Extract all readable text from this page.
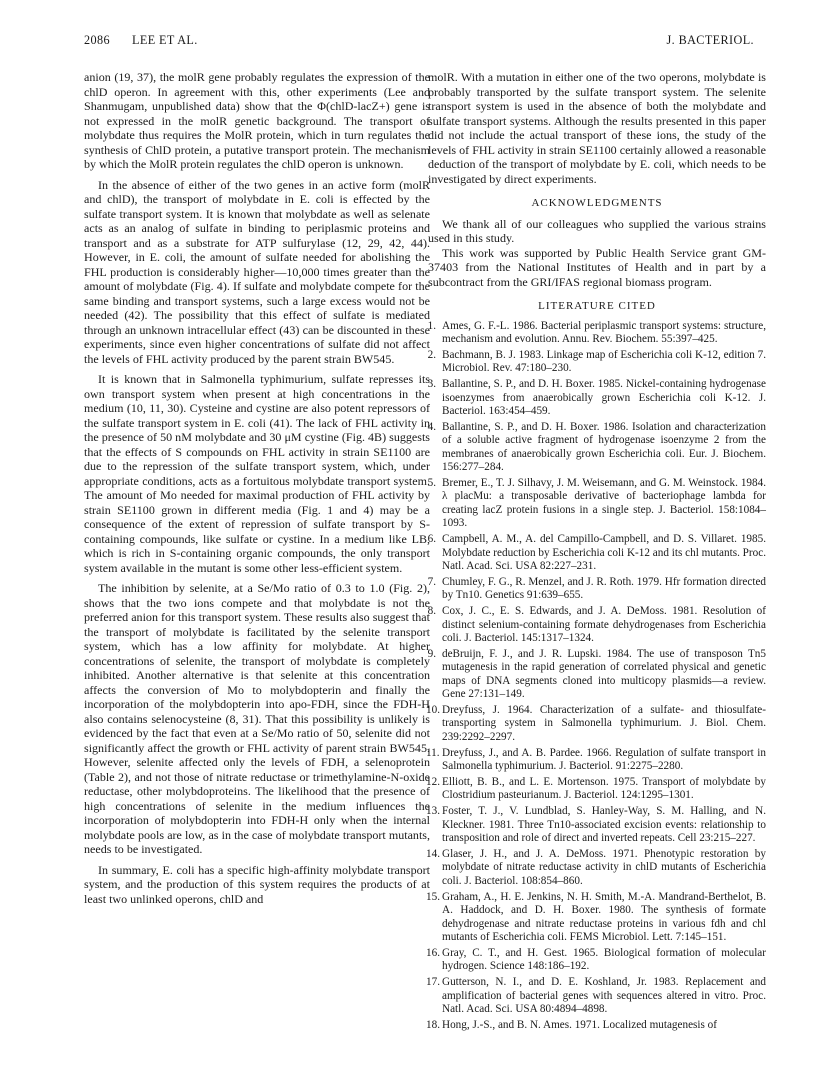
2086 LEE ET AL.	J. BACTERIOL.

anion (19, 37), the molR gene probably regulates the expression of the chlD operon. In agreement with this, other experiments (Lee and Shanmugam, unpublished data) show that the Φ(chlD-lacZ+) gene is not expressed in the molR genetic background. The transport of molybdate thus requires the MolR protein, which in turn regulates the synthesis of ChlD protein, a putative transport protein. The mechanism by which the MolR protein regulates the chlD operon is unknown.

In the absence of either of the two genes in an active form (molR and chlD), the transport of molybdate in E. coli is effected by the sulfate transport system. It is known that molybdate as well as selenate acts as an analog of sulfate in binding to periplasmic proteins and transport and as a substrate for ATP sulfurylase (12, 29, 42, 44). However, in E. coli, the amount of sulfate needed for abolishing the FHL production is considerably higher—10,000 times greater than the amount of molybdate (Fig. 4). If sulfate and molybdate compete for the same binding and transport systems, such a large excess would not be needed (42). The possibility that this effect of sulfate is mediated through an unknown intracellular effect (43) can be discounted in these experiments, since even higher concentrations of sulfate did not affect the levels of FHL activity produced by the parent strain BW545.

It is known that in Salmonella typhimurium, sulfate represses its own transport system when present at high concentrations in the medium (10, 11, 30). Cysteine and cystine are also potent repressors of the sulfate transport system in E. coli (41). The lack of FHL activity in the presence of 50 nM molybdate and 30 μM cystine (Fig. 4B) suggests that the effects of S compounds on FHL activity in strain SE1100 are due to the repression of the sulfate transport system, which, under appropriate conditions, acts as a fortuitous molybdate transport system. The amount of Mo needed for maximal production of FHL activity by strain SE1100 grown in different media (Fig. 1 and 4) may be a consequence of the extent of repression of sulfate transport by S-containing compounds, like sulfate or cystine. In a medium like LB, which is rich in S-containing organic compounds, the only transport system available in the mutant is some other less-efficient system.

The inhibition by selenite, at a Se/Mo ratio of 0.3 to 1.0 (Fig. 2), shows that the two ions compete and that molybdate is not the preferred anion for this transport system. These results also suggest that the transport of molybdate is facilitated by the selenite transport system, which has a low affinity for molybdate. At higher concentrations of selenite, the transport of molybdate is completely inhibited. Another alternative is that selenite at this concentration affects the conversion of Mo to molybdopterin and finally the incorporation of the molybdopterin into apo-FDH, since the FDH-H also contains selenocysteine (8, 31). That this possibility is unlikely is evidenced by the fact that even at a Se/Mo ratio of 50, selenite did not significantly affect the growth or FHL activity of parent strain BW545. However, selenite affected only the levels of FDH, a selenoprotein (Table 2), and not those of nitrate reductase or trimethylamine-N-oxide reductase, other molybdoproteins. The likelihood that the presence of high concentrations of selenite in the medium influences the incorporation of molybdopterin into FDH-H only when the internal molybdate pools are low, as in the case of molybdate transport mutants, needs to be investigated.

In summary, E. coli has a specific high-affinity molybdate transport system, and the production of this system requires the products of at least two unlinked operons, chlD and

molR. With a mutation in either one of the two operons, molybdate is probably transported by the sulfate transport system. The selenite transport system is used in the absence of both the molybdate and sulfate transport systems. Although the results presented in this paper did not include the actual transport of these ions, the study of the levels of FHL activity in strain SE1100 certainly allowed a reasonable deduction of the transport of molybdate by E. coli, which needs to be investigated by direct experiments.

ACKNOWLEDGMENTS

We thank all of our colleagues who supplied the various strains used in this study.

This work was supported by Public Health Service grant GM-37403 from the National Institutes of Health and in part by a subcontract from the GRI/IFAS regional biomass program.

LITERATURE CITED
1. Ames, G. F.-L. 1986. Bacterial periplasmic transport systems: structure, mechanism and evolution. Annu. Rev. Biochem. 55:397–425.
2. Bachmann, B. J. 1983. Linkage map of Escherichia coli K-12, edition 7. Microbiol. Rev. 47:180–230.
3. Ballantine, S. P., and D. H. Boxer. 1985. Nickel-containing hydrogenase isoenzymes from anaerobically grown Escherichia coli K-12. J. Bacteriol. 163:454–459.
4. Ballantine, S. P., and D. H. Boxer. 1986. Isolation and characterization of a soluble active fragment of hydrogenase isoenzyme 2 from the membranes of anaerobically grown Escherichia coli. Eur. J. Biochem. 156:277–284.
5. Bremer, E., T. J. Silhavy, J. M. Weisemann, and G. M. Weinstock. 1984. λ placMu: a transposable derivative of bacteriophage lambda for creating lacZ protein fusions in a single step. J. Bacteriol. 158:1084–1093.
6. Campbell, A. M., A. del Campillo-Campbell, and D. S. Villaret. 1985. Molybdate reduction by Escherichia coli K-12 and its chl mutants. Proc. Natl. Acad. Sci. USA 82:227–231.
7. Chumley, F. G., R. Menzel, and J. R. Roth. 1979. Hfr formation directed by Tn10. Genetics 91:639–655.
8. Cox, J. C., E. S. Edwards, and J. A. DeMoss. 1981. Resolution of distinct selenium-containing formate dehydrogenases from Escherichia coli. J. Bacteriol. 145:1317–1324.
9. deBruijn, F. J., and J. R. Lupski. 1984. The use of transposon Tn5 mutagenesis in the rapid generation of correlated physical and genetic maps of DNA segments cloned into multicopy plasmids—a review. Gene 27:131–149.
10. Dreyfuss, J. 1964. Characterization of a sulfate- and thiosulfate-transporting system in Salmonella typhimurium. J. Biol. Chem. 239:2292–2297.
11. Dreyfuss, J., and A. B. Pardee. 1966. Regulation of sulfate transport in Salmonella typhimurium. J. Bacteriol. 91:2275–2280.
12. Elliott, B. B., and L. E. Mortenson. 1975. Transport of molybdate by Clostridium pasteurianum. J. Bacteriol. 124:1295–1301.
13. Foster, T. J., V. Lundblad, S. Hanley-Way, S. M. Halling, and N. Kleckner. 1981. Three Tn10-associated excision events: relationship to transposition and role of direct and inverted repeats. Cell 23:215–227.
14. Glaser, J. H., and J. A. DeMoss. 1971. Phenotypic restoration by molybdate of nitrate reductase activity in chlD mutants of Escherichia coli. J. Bacteriol. 108:854–860.
15. Graham, A., H. E. Jenkins, N. H. Smith, M.-A. Mandrand-Berthelot, B. A. Haddock, and D. H. Boxer. 1980. The synthesis of formate dehydrogenase and nitrate reductase proteins in various fdh and chl mutants of Escherichia coli. FEMS Microbiol. Lett. 7:145–151.
16. Gray, C. T., and H. Gest. 1965. Biological formation of molecular hydrogen. Science 148:186–192.
17. Gutterson, N. I., and D. E. Koshland, Jr. 1983. Replacement and amplification of bacterial genes with sequences altered in vitro. Proc. Natl. Acad. Sci. USA 80:4894–4898.
18. Hong, J.-S., and B. N. Ames. 1971. Localized mutagenesis of
